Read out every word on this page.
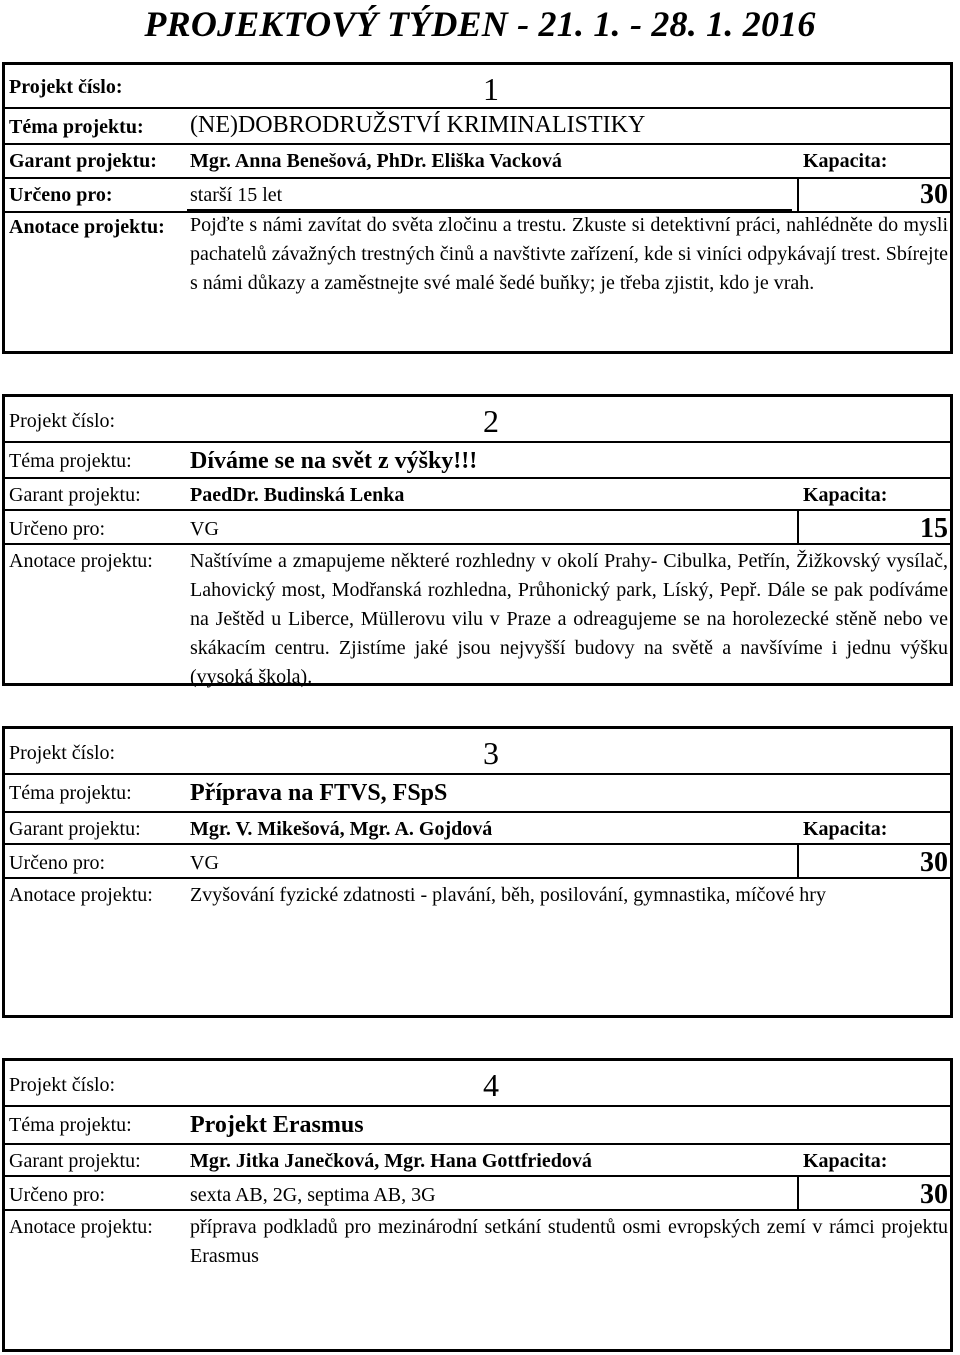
PROJEKTOVÝ TÝDEN - 21. 1. - 28. 1. 2016
Projekt číslo:	1
Téma projektu: (NE)DOBRODRUŽSTVÍ KRIMINALISTIKY
Garant projektu: Mgr. Anna Benešová, PhDr. Eliška Vacková	Kapacita:
Určeno pro:	starší 15 let	30
Anotace projektu: Pojďte s námi zavítat do světa zločinu a trestu. Zkuste si detektivní práci, nahlédněte do mysli pachatelů závažných trestných činů a navštivte zařízení, kde si viníci odpykávají trest. Sbírejte s námi důkazy a zaměstnejte své malé šedé buňky; je třeba zjistit, kdo je vrah.
Projekt číslo:	2
Téma projektu: Díváme se na svět z výšky!!!
Garant projektu: PaedDr. Budinská Lenka	Kapacita:
Určeno pro:	VG	15
Anotace projektu: Naštívíme a zmapujeme některé rozhledny v okolí Prahy- Cibulka, Petřín, Žižkovský vysílač, Lahovický most, Modřanská rozhledna, Průhonický park, Líský, Pepř. Dále se pak podíváme na Ještěd u Liberce, Müllerovu vilu v Praze a odreagujeme se na horolezecké stěně nebo ve skákacím centru. Zjistíme jaké jsou nejvyšší budovy na světě a navšívíme i jednu výšku (vysoká škola).
Projekt číslo:	3
Téma projektu: Příprava na FTVS, FSpS
Garant projektu: Mgr. V. Mikešová, Mgr. A. Gojdová	Kapacita:
Určeno pro:	VG	30
Anotace projektu: Zvyšování fyzické zdatnosti - plavání, běh, posilování, gymnastika, míčové hry
Projekt číslo:	4
Téma projektu: Projekt Erasmus
Garant projektu: Mgr. Jitka Janečková, Mgr. Hana Gottfriedová	Kapacita:
Určeno pro:	sexta AB, 2G, septima AB, 3G	30
Anotace projektu: příprava podkladů pro mezinárodní setkání studentů osmi evropských zemí v rámci projektu Erasmus
